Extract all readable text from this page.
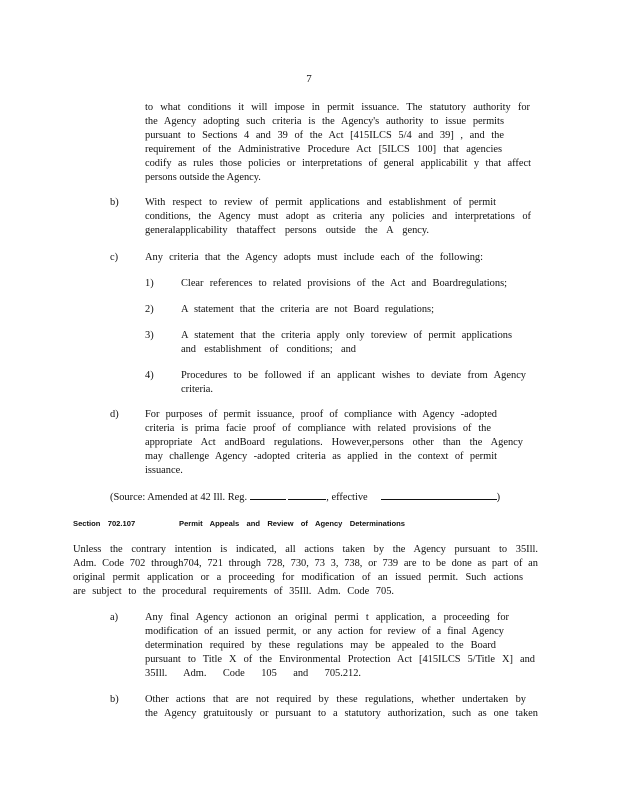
7
to what conditions it will impose in permit issuance. The statutory authority for
the Agency adopting such criteria is the Agency's authority to issue permits
pursuant to Sections 4 and 39 of the Act [415ILCS 5/4 and 39] , and the
requirement of the Administrative Procedure Act [5ILCS 100] that agencies
codify as rules those policies or interpretations of general applicabilit y that affect
persons outside the Agency.
b)	With respect to review of permit applications and establishment of permit
conditions, the Agency must adopt as criteria any policies and interpretations of
generalapplicability thataffect persons outside the A gency.
c)	Any criteria that the Agency adopts must include each of the following:
1)	Clear references to related provisions of the Act and Boardregulations;
2)	A statement that the criteria are not Board regulations;
3)	A statement that the criteria apply only toreview of permit applications
and establishment of conditions; and
4)	Procedures to be followed if an applicant wishes to deviate from Agency
criteria.
d)	For purposes of permit issuance, proof of compliance with Agency -adopted
criteria is prima facie proof of compliance with related provisions of the
appropriate Act andBoard regulations. However,persons other than the Agency
may challenge Agency -adopted criteria as applied in the context of permit
issuance.
(Source: Amended at 42 Ill. Reg.	, effective	)
Section 702.107	Permit Appeals and Review of Agency Determinations
Unless the contrary intention is indicated, all actions taken by the Agency pursuant to 35Ill.
Adm. Code 702 through704, 721 through 728, 730, 73 3, 738, or 739 are to be done as part of an
original permit application or a proceeding for modification of an issued permit. Such actions
are subject to the procedural requirements of 35Ill. Adm. Code 705.
a)	Any final Agency actionon an original permi t application, a proceeding for
modification of an issued permit, or any action for review of a final Agency
determination required by these regulations may be appealed to the Board
pursuant to Title X of the Environmental Protection Act [415ILCS 5/Title X] and
35Ill. Adm. Code 105 and 705.212.
b)	Other actions that are not required by these regulations, whether undertaken by
the Agency gratuitously or pursuant to a statutory authorization, such as one taken
